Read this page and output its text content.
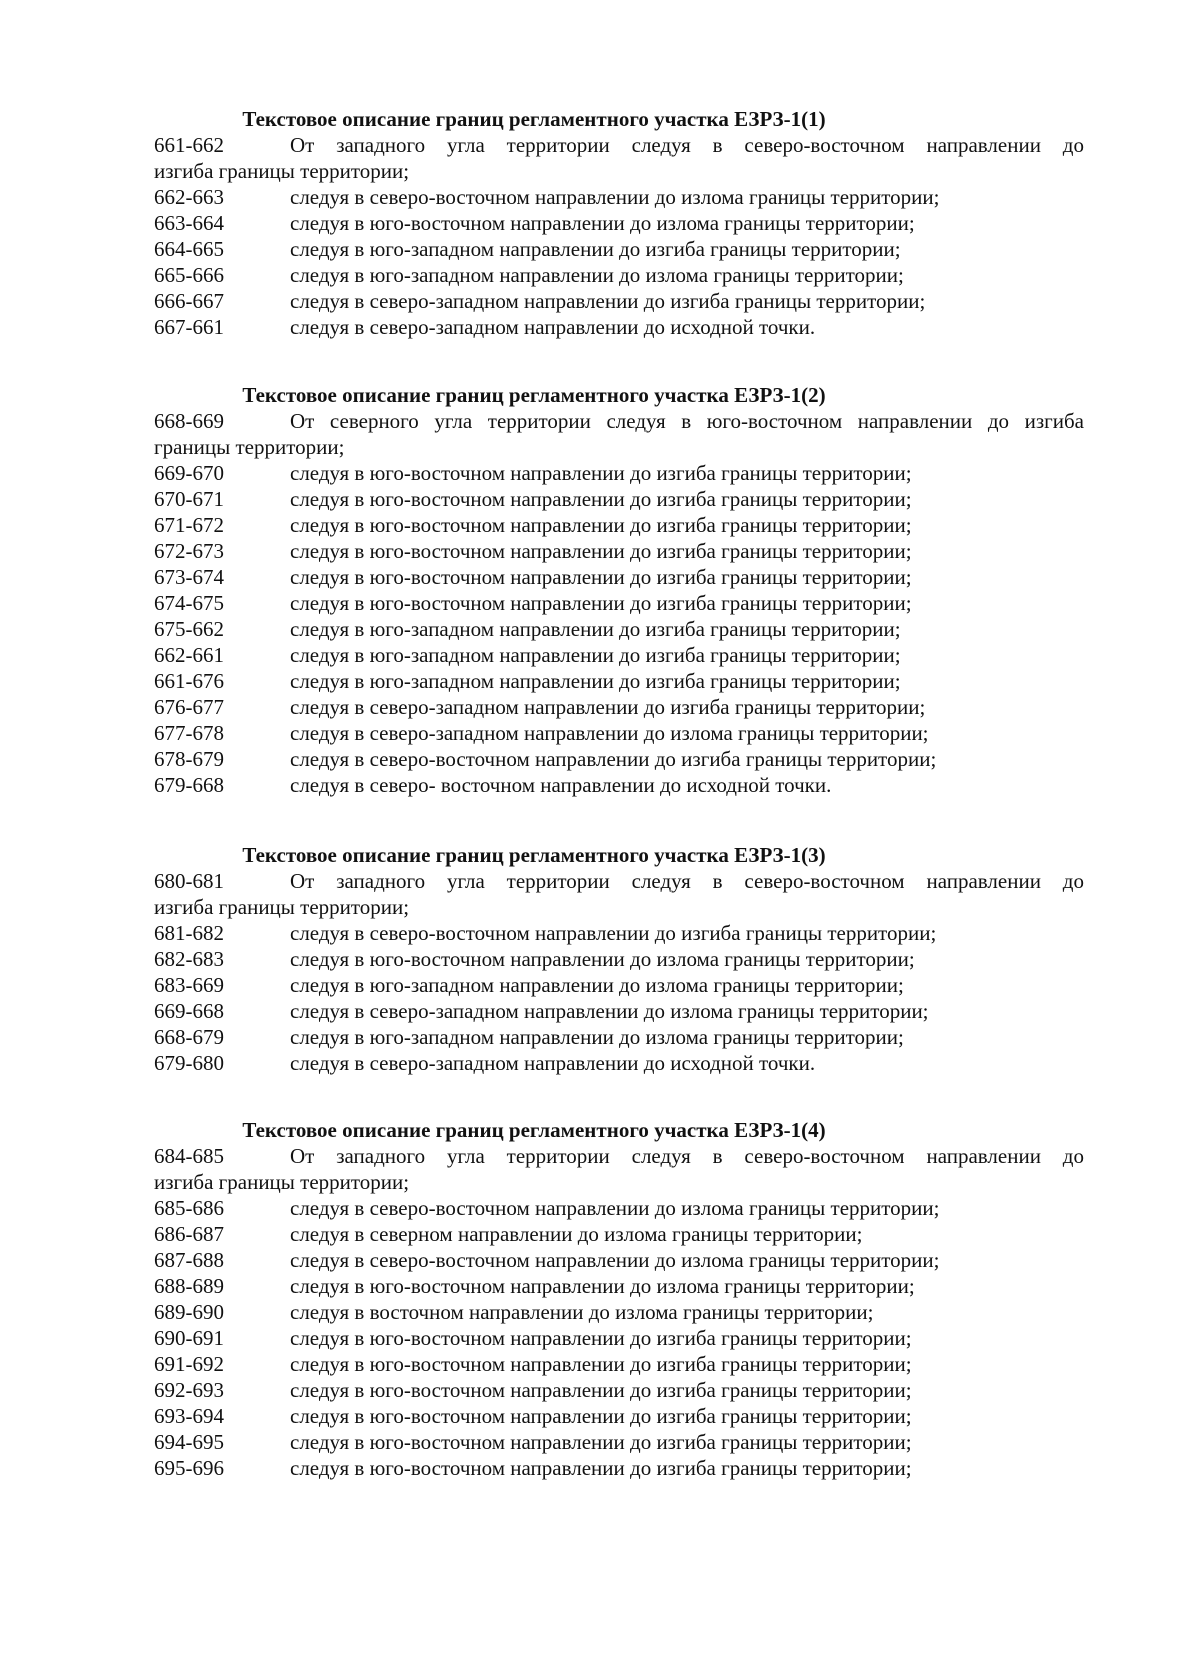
Текстовое описание границ регламентного участка ЕЗРЗ-1(1)
661-662	От западного угла территории следуя в северо-восточном направлении до
изгиба границы территории;
662-663	следуя в северо-восточном направлении до излома границы территории;
663-664	следуя в юго-восточном направлении до излома границы территории;
664-665	следуя в юго-западном направлении до изгиба границы территории;
665-666	следуя в юго-западном направлении до излома границы территории;
666-667	следуя в северо-западном направлении до изгиба границы территории;
667-661	следуя в северо-западном направлении до исходной точки.
Текстовое описание границ регламентного участка ЕЗРЗ-1(2)
668-669	От северного угла территории следуя в юго-восточном направлении до изгиба
границы территории;
669-670	следуя в юго-восточном направлении до изгиба границы территории;
670-671	следуя в юго-восточном направлении до изгиба границы территории;
671-672	следуя в юго-восточном направлении до изгиба границы территории;
672-673	следуя в юго-восточном направлении до изгиба границы территории;
673-674	следуя в юго-восточном направлении до изгиба границы территории;
674-675	следуя в юго-восточном направлении до изгиба границы территории;
675-662	следуя в юго-западном направлении до изгиба границы территории;
662-661	следуя в юго-западном направлении до изгиба границы территории;
661-676	следуя в юго-западном направлении до изгиба границы территории;
676-677	следуя в северо-западном направлении до изгиба границы территории;
677-678	следуя в северо-западном направлении до излома границы территории;
678-679	следуя в северо-восточном направлении до изгиба границы территории;
679-668	следуя в северо- восточном направлении до исходной точки.
Текстовое описание границ регламентного участка ЕЗРЗ-1(3)
680-681	От западного угла территории следуя в северо-восточном направлении до
изгиба границы территории;
681-682	следуя в северо-восточном направлении до изгиба границы территории;
682-683	следуя в юго-восточном направлении до излома границы территории;
683-669	следуя в юго-западном направлении до излома границы территории;
669-668	следуя в северо-западном направлении до излома границы территории;
668-679	следуя в юго-западном направлении до излома границы территории;
679-680	следуя в северо-западном направлении до исходной точки.
Текстовое описание границ регламентного участка ЕЗРЗ-1(4)
684-685	От западного угла территории следуя в северо-восточном направлении до
изгиба границы территории;
685-686	следуя в северо-восточном направлении до излома границы территории;
686-687	следуя в северном направлении до излома границы территории;
687-688	следуя в северо-восточном направлении до излома границы территории;
688-689	следуя в юго-восточном направлении до излома границы территории;
689-690	следуя в восточном направлении до излома границы территории;
690-691	следуя в юго-восточном направлении до изгиба границы территории;
691-692	следуя в юго-восточном направлении до изгиба границы территории;
692-693	следуя в юго-восточном направлении до изгиба границы территории;
693-694	следуя в юго-восточном направлении до изгиба границы территории;
694-695	следуя в юго-восточном направлении до изгиба границы территории;
695-696	следуя в юго-восточном направлении до изгиба границы территории;
